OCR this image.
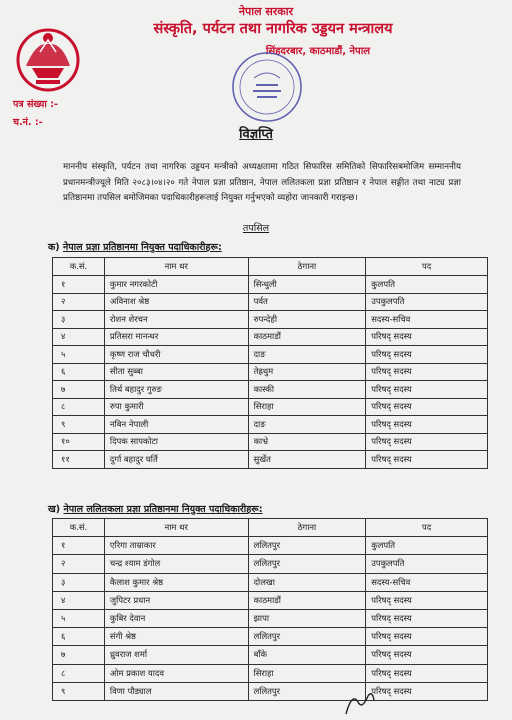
नेपाल सरकार
संस्कृति, पर्यटन तथा नागरिक उड्डयन मन्त्रालय
सिंहदरबार, काठमाडौं, नेपाल
पत्र संख्या :-
च.नं. :-
विज्ञप्ति
माननीय संस्कृति, पर्यटन तथा नागरिक उड्डयन मन्त्रीको अध्यक्षतामा गठित सिफारिस समितिको सिफारिसबमोजिम सम्माननीय प्रधानमन्त्रीज्यूले मिति २०८३।०४।२० गते नेपाल प्रज्ञा प्रतिष्ठान, नेपाल ललितकला प्रज्ञा प्रतिष्ठान र नेपाल सङ्गीत तथा नाट्य प्रज्ञा प्रतिष्ठानमा तपसिल बमोजिमका पदाधिकारीहरूलाई नियुक्त गर्नुभएको व्यहोरा जानकारी गराइन्छ।
तपसिल
क) नेपाल प्रज्ञा प्रतिष्ठानमा नियुक्त पदाधिकारीहरू:
क.सं.	नाम थर	ठेगाना	पद
१	कुमार नगरकोटी	सिन्धुली	कुलपति
२	अविनाश श्रेष्ठ	पर्वत	उपकुलपति
३	रोशन शेरचन	रुपन्देही	सदस्य-सचिव
४	प्रतिसरा मानन्धर	काठमाडौं	परिषद् सदस्य
५	कृष्ण राज चौधरी	दाङ	परिषद् सदस्य
६	सीता सुब्बा	तेह्रथुम	परिषद् सदस्य
७	तिर्थ बहादुर गुरुङ	कास्की	परिषद् सदस्य
८	रुपा कुमारी	सिराहा	परिषद् सदस्य
९	नबिन नेपाली	दाङ	परिषद् सदस्य
१०	दिपक सापकोटा	काभ्रे	परिषद् सदस्य
११	दुर्गा बहादुर घर्ति	सुर्खेत	परिषद् सदस्य
ख) नेपाल ललितकला प्रज्ञा प्रतिष्ठानमा नियुक्त पदाधिकारीहरू:
क.सं.	नाम थर	ठेगाना	पद
१	एरिगा ताम्राकार	ललितपुर	कुलपति
२	चन्द्र श्याम डंगोल	ललितपुर	उपकुलपति
३	कैलाश कुमार श्रेष्ठ	दोलखा	सदस्य-सचिव
४	जुपिटर प्रधान	काठमाडौं	परिषद् सदस्य
५	कुबिर देवान	झापा	परिषद् सदस्य
६	संगी श्रेष्ठ	ललितपुर	परिषद् सदस्य
७	ध्रुवराज शर्मा	बाँके	परिषद् सदस्य
८	ओम प्रकाश यादव	सिराहा	परिषद् सदस्य
९	विणा पौड्याल	ललितपुर	परिषद् सदस्य
